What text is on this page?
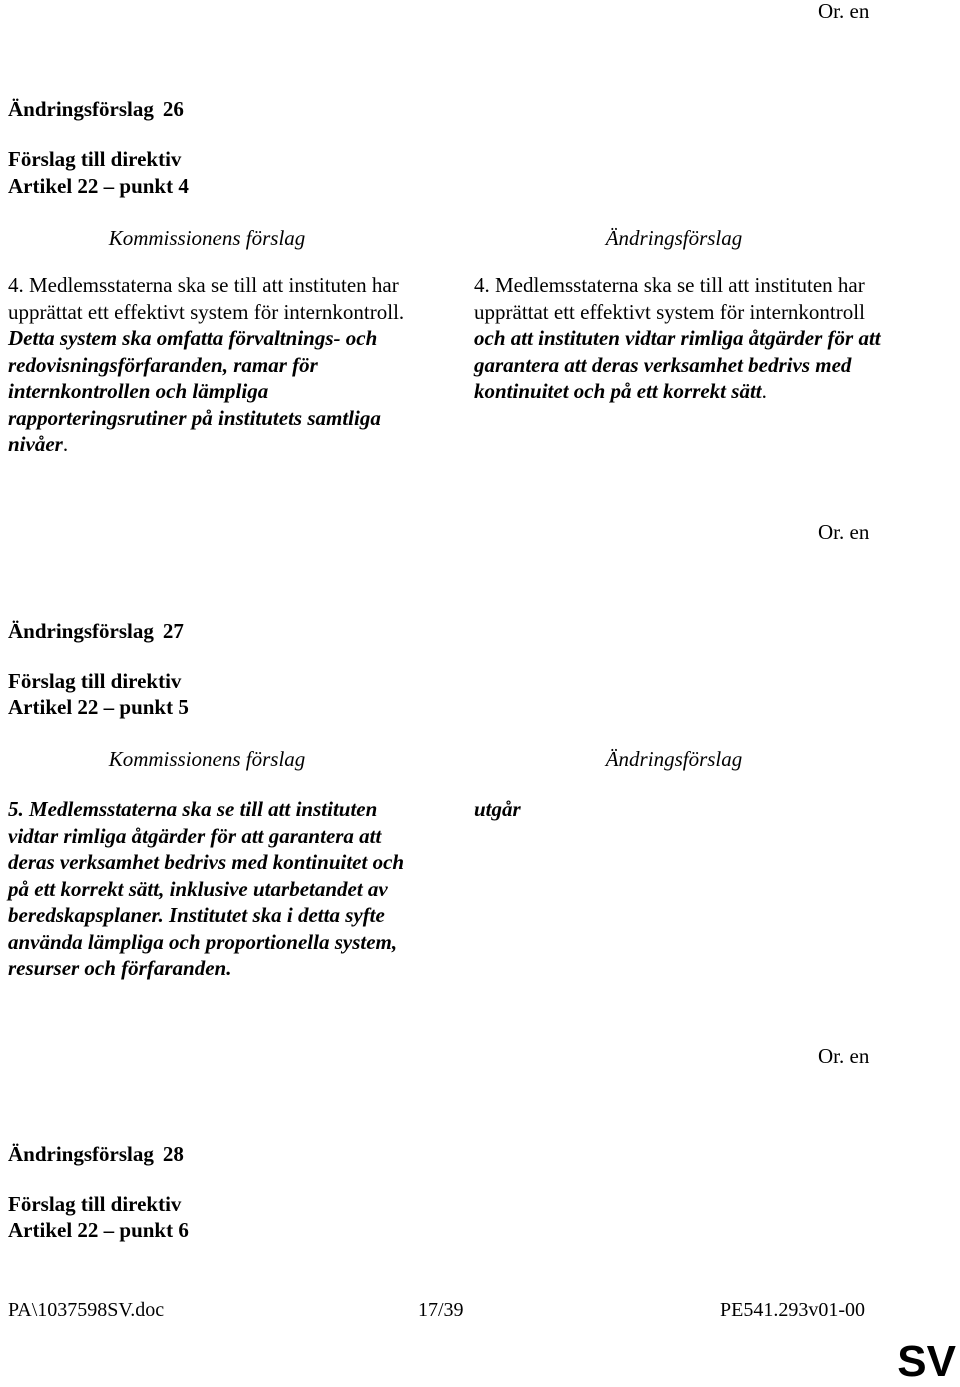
Or. en
Ändringsförslag 26
Förslag till direktiv
Artikel 22 – punkt 4
Kommissionens förslag	Ändringsförslag

4. Medlemsstaterna ska se till att instituten har upprättat ett effektivt system för internkontroll. Detta system ska omfatta förvaltnings- och redovisningsförfaranden, ramar för internkontrollen och lämpliga rapporteringsrutiner på institutets samtliga nivåer.

4. Medlemsstaterna ska se till att instituten har upprättat ett effektivt system för internkontroll och att instituten vidtar rimliga åtgärder för att garantera att deras verksamhet bedrivs med kontinuitet och på ett korrekt sätt.

Or. en
Ändringsförslag 27
Förslag till direktiv
Artikel 22 – punkt 5
Kommissionens förslag	Ändringsförslag

5. Medlemsstaterna ska se till att instituten vidtar rimliga åtgärder för att garantera att deras verksamhet bedrivs med kontinuitet och på ett korrekt sätt, inklusive utarbetandet av beredskapsplaner. Institutet ska i detta syfte använda lämpliga och proportionella system, resurser och förfaranden.

utgår

Or. en
Ändringsförslag 28
Förslag till direktiv
Artikel 22 – punkt 6
PA\1037598SV.doc	17/39	PE541.293v01-00
SV
